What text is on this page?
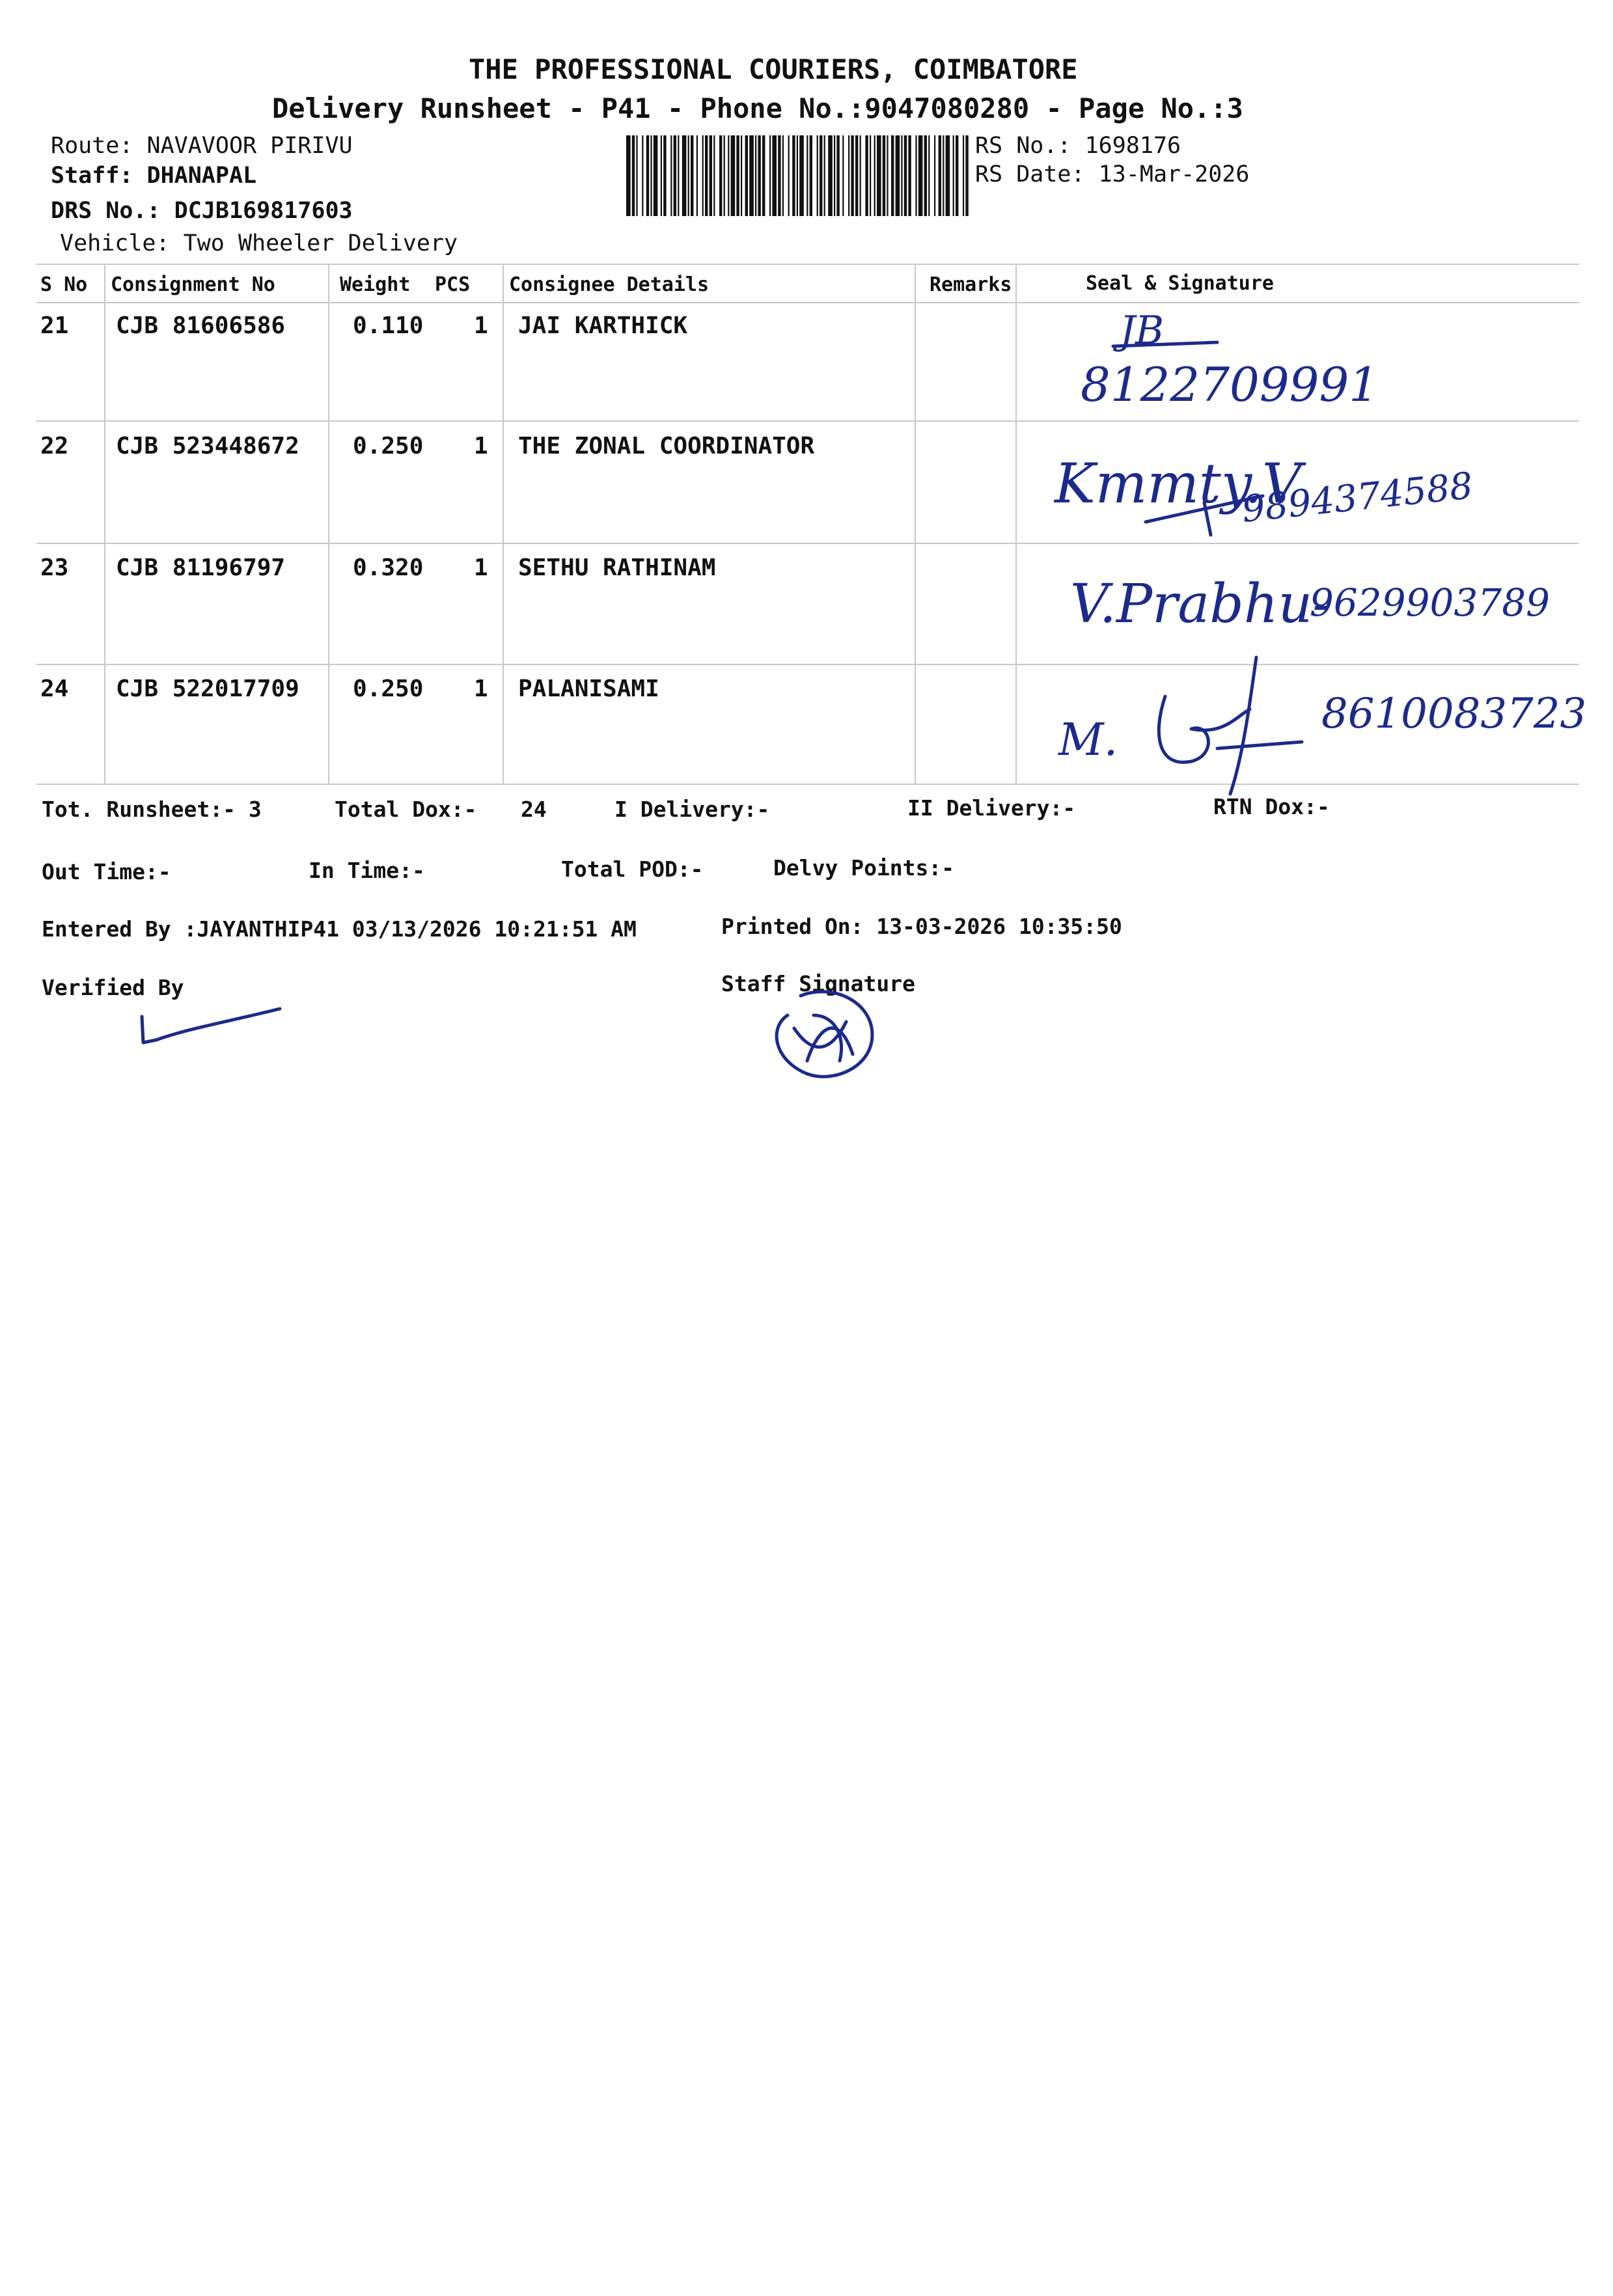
THE PROFESSIONAL COURIERS, COIMBATORE
Delivery Runsheet - P41 - Phone No.:9047080280 - Page No.:3
Route: NAVAVOOR PIRIVU
Staff: DHANAPAL
DRS No.: DCJB169817603
Vehicle: Two Wheeler Delivery
RS No.: 1698176
RS Date: 13-Mar-2026
S No Consignment No	Weight PCS Consignee Details	Remarks	Seal & Signature
21 CJB 81606586	0.110 1 JAI KARTHICK	JB
8122709991
22 CJB 523448672 0.250 1 THE ZONAL COORDINATOR
Kmmty.V
9894374588
23 CJB 81196797	0.320 1 SETHU RATHINAM
V.Prabhu-
9629903789
24 CJB 522017709 0.250 1 PALANISAMI
M.
8610083723
Tot. Runsheet:- 3	Total Dox:- 24	I Delivery:-	II Delivery:-	RTN Dox:-
Out Time:-	In Time:-	Total POD:-	Delvy Points:-
Entered By :JAYANTHIP41 03/13/2026 10:21:51 AM	Printed On: 13-03-2026 10:35:50
Verified By	Staff Signature
